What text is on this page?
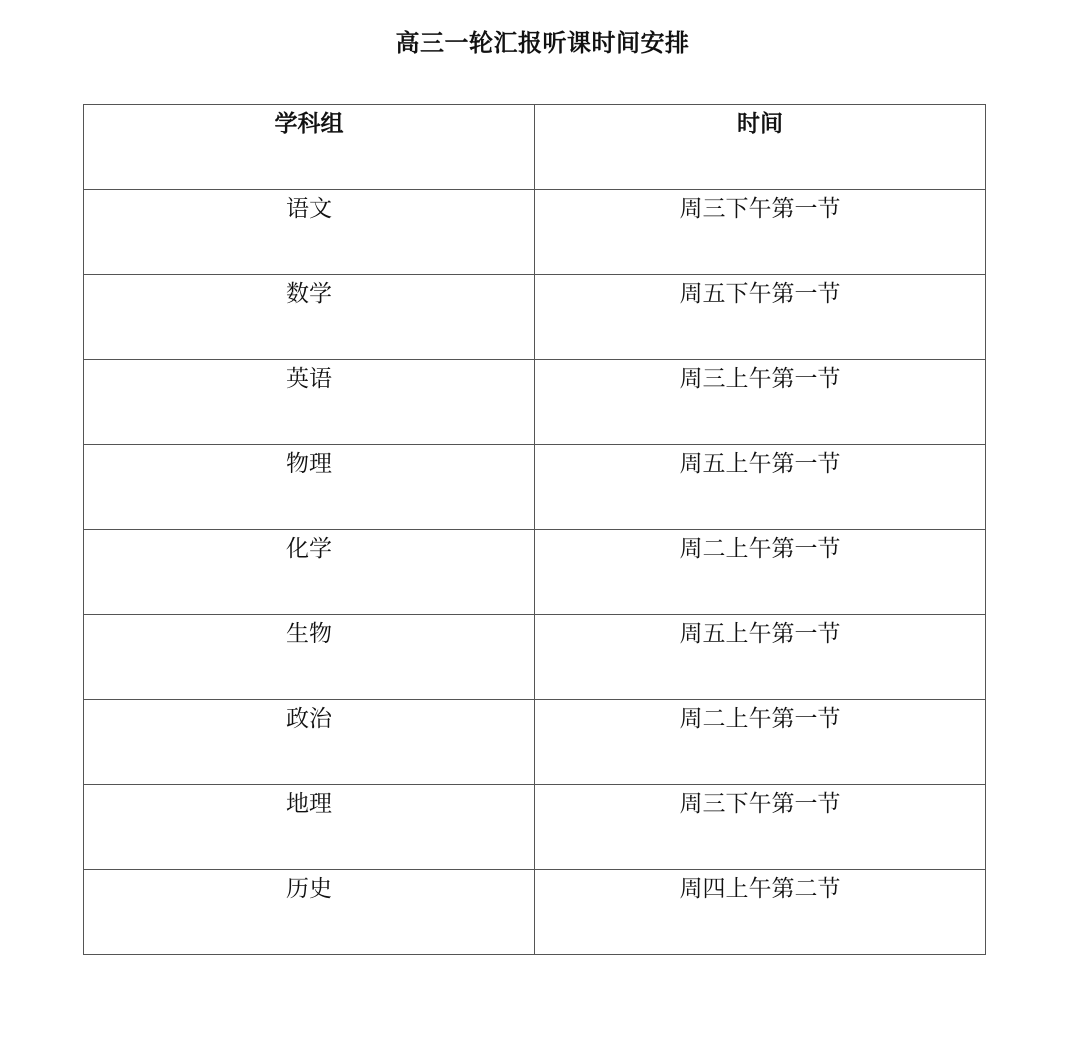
高三一轮汇报听课时间安排
学科组	时间
语文	周三下午第一节
数学	周五下午第一节
英语	周三上午第一节
物理	周五上午第一节
化学	周二上午第一节
生物	周五上午第一节
政治	周二上午第一节
地理	周三下午第一节
历史	周四上午第二节
